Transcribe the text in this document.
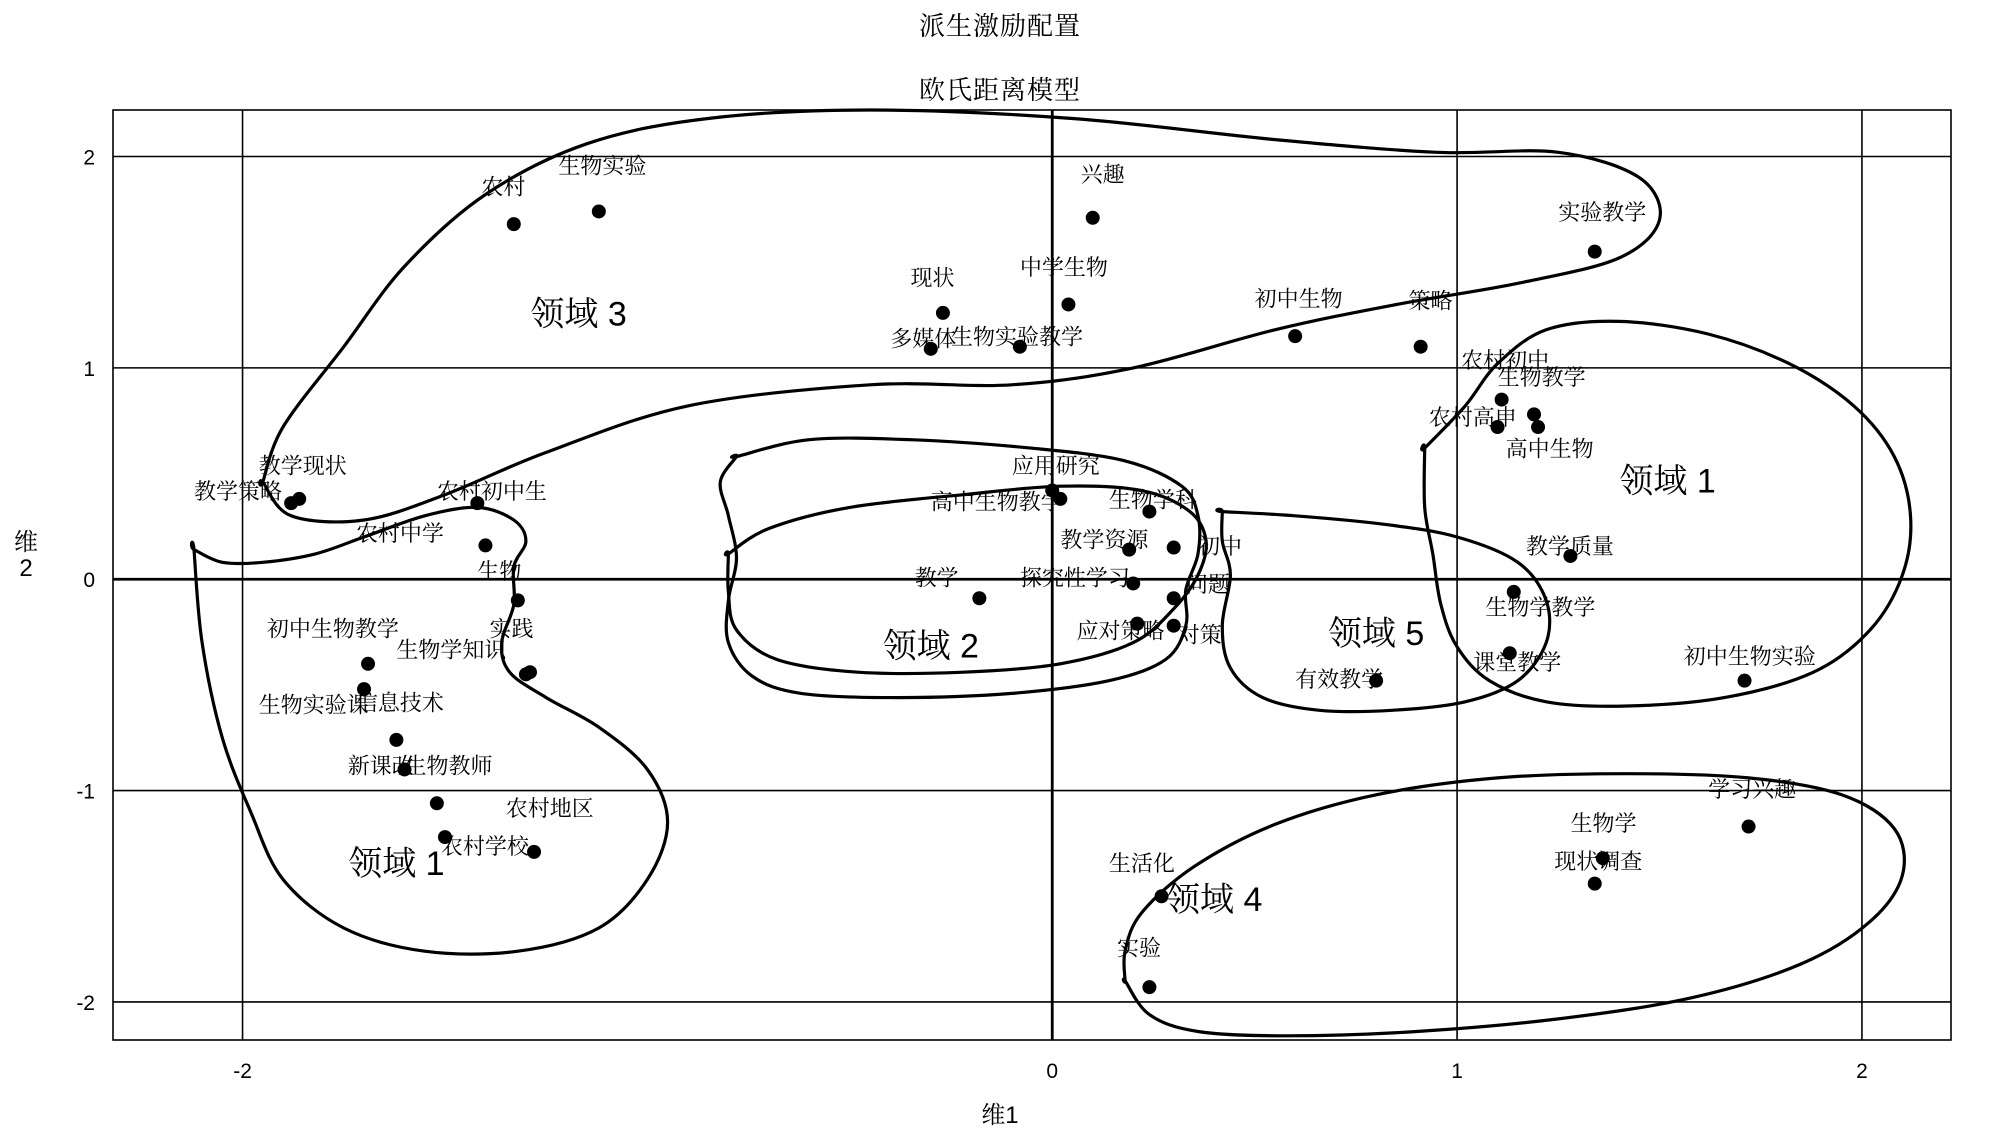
派生激励配置
欧氏距离模型
维 2
维1
农村
生物实验	兴趣
实验教学
现状	中学生物
初中生物	策略
多媒体
生物实验教学
农村初中
生物教学
农村高申
高中生物
教学现状
教学策略	农村初中生
应用研究
高中生物教学 生物学科
农村中学
教学质量
教学资源 初中
生物	教学	探究性学习	问题
生物学教学
初中生物教学	应对策略 对策
实践
生物学知识
课堂教学	初中生物实验
生物实验课
信息技术
有效教学
新课改
生物教师
学习兴趣
农村地区
生物学
农村学校
现状调查
生活化
实验
领域 3
领域 1
领域 2	领域 5
领域 1
领域 4
-2	0	1	2
-2
-1
0
1
2
